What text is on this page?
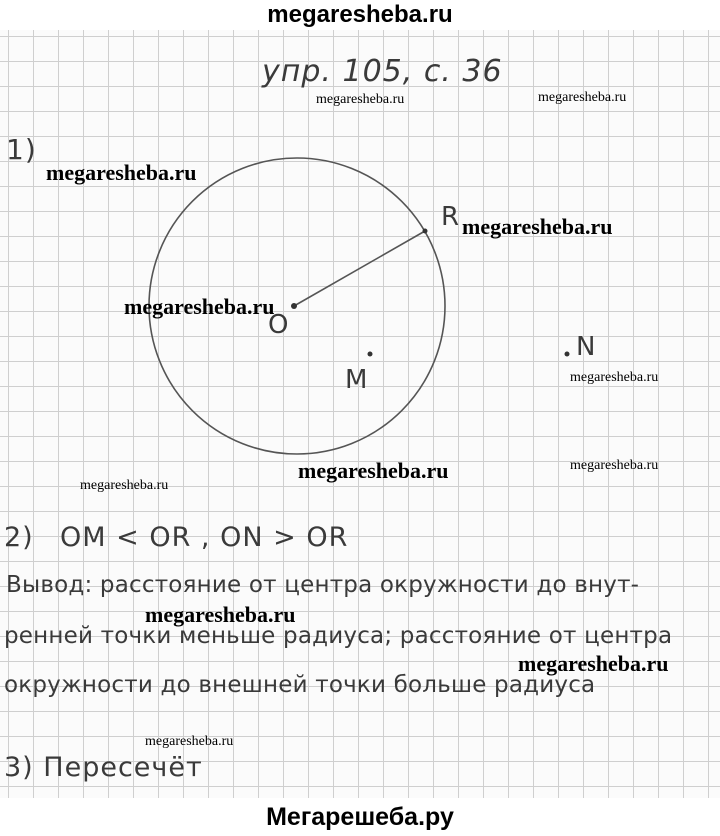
megaresheba.ru
упр. 105, с. 36
1)
R
O
M
N
2) OM < OR , ON > OR
Вывод: расстояние от центра окружности до внут-
ренней точки меньше радиуса; расстояние от центра
окружности до внешней точки больше радиуса
3) Пересечёт
megaresheba.ru	megaresheba.ru
megaresheba.ru
megaresheba.ru
megaresheba.ru
megaresheba.ru
megaresheba.ru	megaresheba.ru
megaresheba.ru
megaresheba.ru
megaresheba.ru
megaresheba.ru
Мегарешеба.ру
